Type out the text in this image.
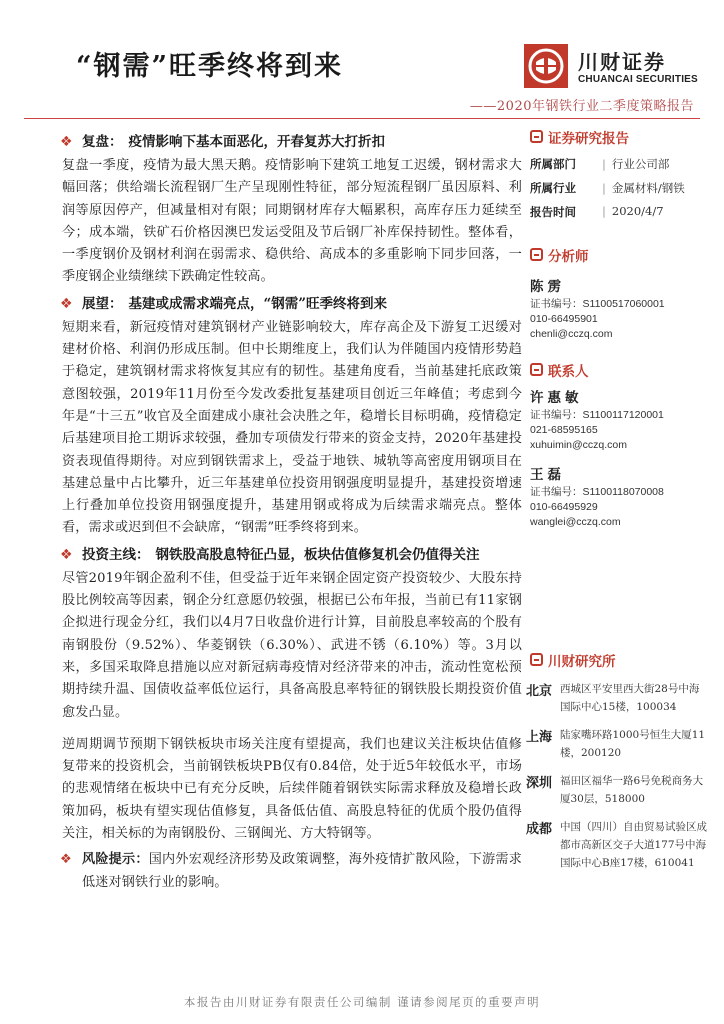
“钢需”旺季终将到来	川财证券
CHUANCAI SECURITIES
——2020年钢铁行业二季度策略报告
❖ 复盘： 疫情影响下基本面恶化，开春复苏大打折扣

复盘一季度，疫情为最大黑天鹅。疫情影响下建筑工地复工迟缓，钢材需求大幅回落；供给端长流程钢厂生产呈现刚性特征，部分短流程钢厂虽因原料、利润等原因停产，但减量相对有限；同期钢材库存大幅累积，高库存压力延续至今；成本端，铁矿石价格因澳巴发运受阻及节后钢厂补库保持韧性。整体看，一季度钢价及钢材利润在弱需求、稳供给、高成本的多重影响下同步回落，一季度钢企业绩继续下跌确定性较高。

❖ 展望： 基建或成需求端亮点，“钢需”旺季终将到来

短期来看，新冠疫情对建筑钢材产业链影响较大，库存高企及下游复工迟缓对建材价格、利润仍形成压制。但中长期维度上，我们认为伴随国内疫情形势趋于稳定，建筑钢材需求将恢复其应有的韧性。基建角度看，当前基建托底政策意图较强，2019年11月份至今发改委批复基建项目创近三年峰值；考虑到今年是“十三五”收官及全面建成小康社会决胜之年，稳增长目标明确，疫情稳定后基建项目抢工期诉求较强，叠加专项债发行带来的资金支持，2020年基建投资表现值得期待。对应到钢铁需求上，受益于地铁、城轨等高密度用钢项目在基建总量中占比攀升，近三年基建单位投资用钢强度明显提升，基建投资增速上行叠加单位投资用钢强度提升，基建用钢或将成为后续需求端亮点。整体看，需求或迟到但不会缺席，“钢需”旺季终将到来。

❖ 投资主线： 钢铁股高股息特征凸显，板块估值修复机会仍值得关注

尽管2019年钢企盈利不佳，但受益于近年来钢企固定资产投资较少、大股东持股比例较高等因素，钢企分红意愿仍较强，根据已公布年报，当前已有11家钢企拟进行现金分红，我们以4月7日收盘价进行计算，目前股息率较高的个股有南钢股份（9.52%）、华菱钢铁（6.30%）、武进不锈（6.10%）等。3月以来，多国采取降息措施以应对新冠病毒疫情对经济带来的冲击，流动性宽松预期持续升温、国债收益率低位运行，具备高股息率特征的钢铁股长期投资价值愈发凸显。

逆周期调节预期下钢铁板块市场关注度有望提高，我们也建议关注板块估值修复带来的投资机会，当前钢铁板块PB仅有0.84倍，处于近5年较低水平，市场的悲观情绪在板块中已有充分反映，后续伴随着钢铁实际需求释放及稳增长政策加码，板块有望实现估值修复，具备低估值、高股息特征的优质个股仍值得关注，相关标的为南钢股份、三钢闽光、方大特钢等。

❖ 风险提示：国内外宏观经济形势及政策调整，海外疫情扩散风险，下游需求低迷对钢铁行业的影响。
证券研究报告
所属部门	| 行业公司部
所属行业	| 金属材料/钢铁
报告时间	| 2020/4/7
分析师
陈雳
证书编号：S1100517060001
010-66495901
chenli@cczq.com
联系人
许惠敏
证书编号：S1100117120001
021-68595165
xuhuimin@cczq.com
王磊
证书编号：S1100118070008
010-66495929
wanglei@cczq.com
川财研究所
北京 西城区平安里西大街28号中海国际中心15楼，100034
上海 陆家嘴环路1000号恒生大厦11楼，200120
深圳 福田区福华一路6号免税商务大厦30层，518000
成都 中国（四川）自由贸易试验区成都市高新区交子大道177号中海国际中心B座17楼，610041
本报告由川财证券有限责任公司编制 谨请参阅尾页的重要声明
